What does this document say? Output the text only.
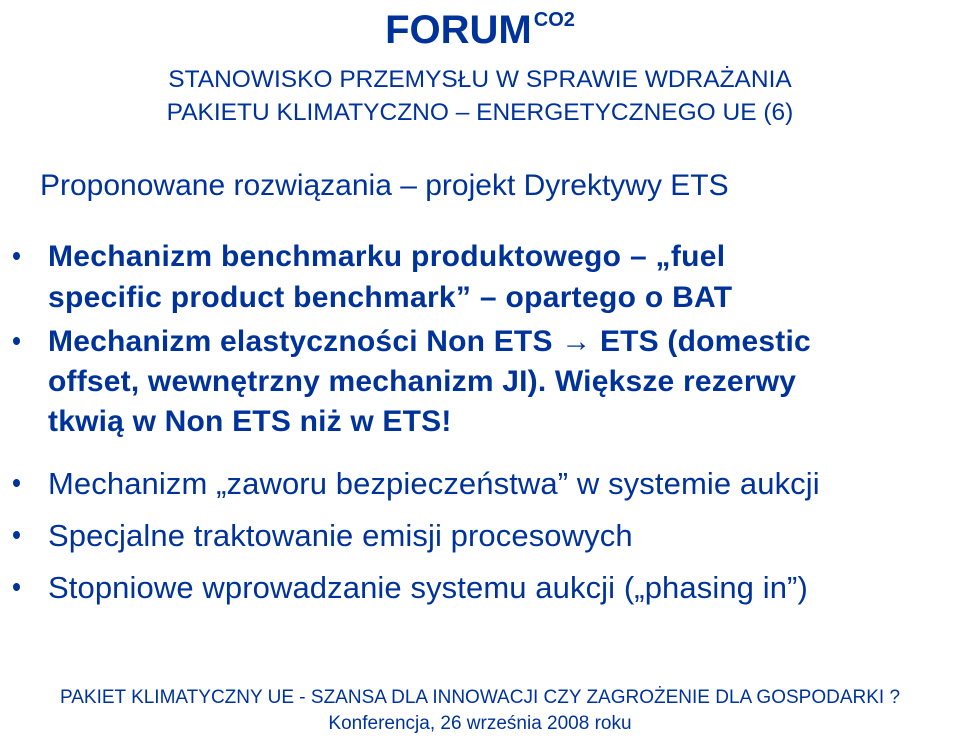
FORUM $^{CO2}$
STANOWISKO PRZEMYSŁU W SPRAWIE WDRAŻANIA
PAKIETU KLIMATYCZNO – ENERGETYCZNEGO UE (6)
Proponowane rozwiązania – projekt Dyrektywy ETS
Mechanizm benchmarku produktowego – „fuel
specific product benchmark” – opartego o BAT
Mechanizm elastyczności Non ETS → ETS (domestic
offset, wewnętrzny mechanizm JI). Większe rezerwy
tkwią w Non ETS niż w ETS!
Mechanizm „zaworu bezpieczeństwa” w systemie aukcji
Specjalne traktowanie emisji procesowych
Stopniowe wprowadzanie systemu aukcji („phasing in”)
PAKIET KLIMATYCZNY UE - SZANSA DLA INNOWACJI CZY ZAGROŻENIE DLA GOSPODARKI ?
Konferencja, 26 września 2008 roku
